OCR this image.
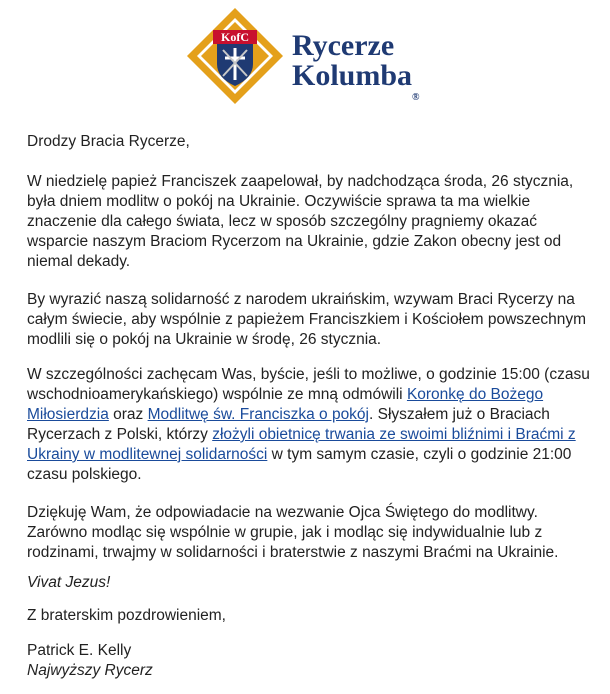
KofC Rycerze
Kolumba®

Drodzy Bracia Rycerze,

W niedzielę papież Franciszek zaapelował, by nadchodząca środa, 26 stycznia, była dniem modlitw o pokój na Ukrainie. Oczywiście sprawa ta ma wielkie znaczenie dla całego świata, lecz w sposób szczególny pragniemy okazać wsparcie naszym Braciom Rycerzom na Ukrainie, gdzie Zakon obecny jest od niemal dekady.

By wyrazić naszą solidarność z narodem ukraińskim, wzywam Braci Rycerzy na całym świecie, aby wspólnie z papieżem Franciszkiem i Kościołem powszechnym modlili się o pokój na Ukrainie w środę, 26 stycznia.

W szczególności zachęcam Was, byście, jeśli to możliwe, o godzinie 15:00 (czasu wschodnioamerykańskiego) wspólnie ze mną odmówili Koronkę do Bożego Miłosierdzia oraz Modlitwę św. Franciszka o pokój. Słyszałem już o Braciach Rycerzach z Polski, którzy złożyli obietnicę trwania ze swoimi bliźnimi i Braćmi z Ukrainy w modlitewnej solidarności w tym samym czasie, czyli o godzinie 21:00 czasu polskiego.

Dziękuję Wam, że odpowiadacie na wezwanie Ojca Świętego do modlitwy. Zarówno modląc się wspólnie w grupie, jak i modląc się indywidualnie lub z rodzinami, trwajmy w solidarności i braterstwie z naszymi Braćmi na Ukrainie.

Vivat Jezus!

Z braterskim pozdrowieniem,

Patrick E. Kelly

Najwyższy Rycerz
